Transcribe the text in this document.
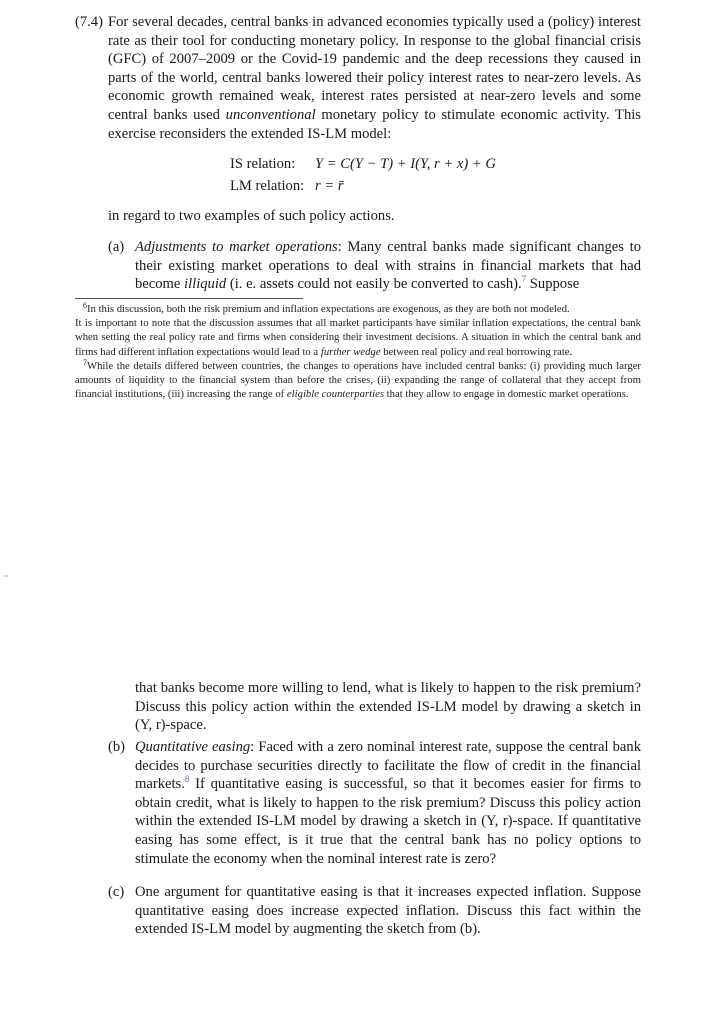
(7.4) For several decades, central banks in advanced economies typically used a (policy) interest rate as their tool for conducting monetary policy. In response to the global financial crisis (GFC) of 2007–2009 or the Covid-19 pandemic and the deep recessions they caused in parts of the world, central banks lowered their policy interest rates to near-zero levels. As economic growth remained weak, interest rates persisted at near-zero levels and some central banks used unconventional monetary policy to stimulate economic activity. This exercise reconsiders the extended IS-LM model:
IS relation:	Y = C(Y − T) + I(Y, r + x) + G
LM relation: r = r̄
in regard to two examples of such policy actions.
(a) Adjustments to market operations: Many central banks made significant changes to their existing market operations to deal with strains in financial markets that had become illiquid (i. e. assets could not easily be converted to cash).$^7$ Suppose

$^6$In this discussion, both the risk premium and inflation expectations are exogenous, as they are both not modeled.

It is important to note that the discussion assumes that all market participants have similar inflation expectations, the central bank when setting the real policy rate and firms when considering their investment decisions. A situation in which the central bank and firms had different inflation expectations would lead to a further wedge between real policy and real borrowing rate.

$^7$While the details differed between countries, the changes to operations have included central banks: (i) providing much larger amounts of liquidity to the financial system than before the crises, (ii) expanding the range of collateral that they accept from financial institutions, (iii) increasing the range of eligible counterparties that they allow to engage in domestic market operations.

that banks become more willing to lend, what is likely to happen to the risk premium? Discuss this policy action within the extended IS-LM model by drawing a sketch in (Y, r)-space.
(b) Quantitative easing: Faced with a zero nominal interest rate, suppose the central bank decides to purchase securities directly to facilitate the flow of credit in the financial markets.$^8$ If quantitative easing is successful, so that it becomes easier for firms to obtain credit, what is likely to happen to the risk premium? Discuss this policy action within the extended IS-LM model by drawing a sketch in (Y, r)-space. If quantitative easing has some effect, is it true that the central bank has no policy options to stimulate the economy when the nominal interest rate is zero?
(c) One argument for quantitative easing is that it increases expected inflation. Suppose quantitative easing does increase expected inflation. Discuss this fact within the extended IS-LM model by augmenting the sketch from (b).
